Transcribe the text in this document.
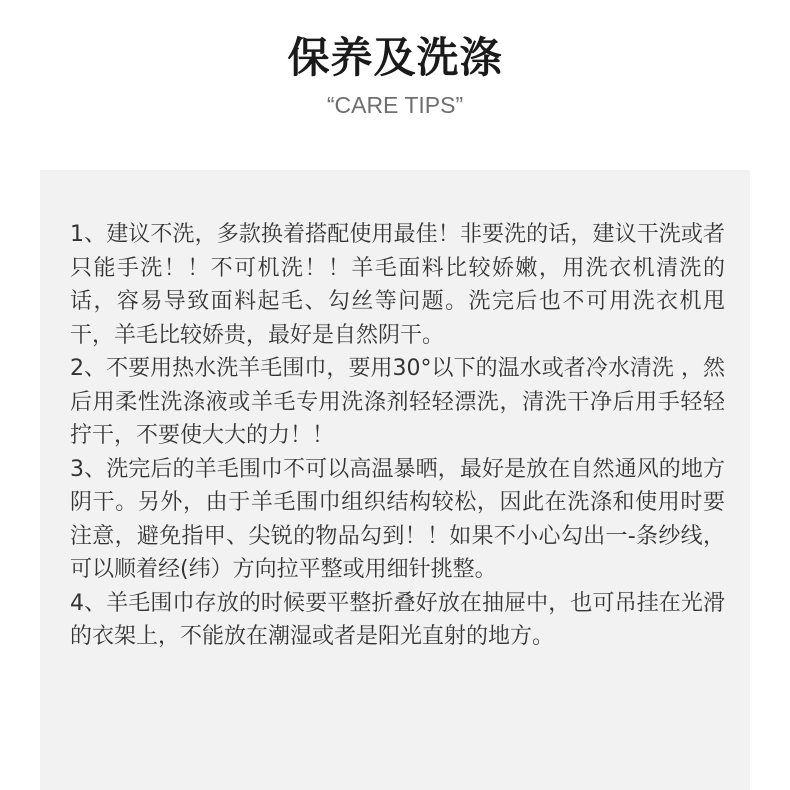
保养及洗涤

“CARE TIPS”

1、建议不洗，多款换着搭配使用最佳！非要洗的话，建议干洗或者只能手洗！！不可机洗！！羊毛面料比较娇嫩，用洗衣机清洗的话，容易导致面料起毛、勾丝等问题。洗完后也不可用洗衣机甩干，羊毛比较娇贵，最好是自然阴干。

2、不要用热水洗羊毛围巾，要用30°以下的温水或者冷水清洗 ，然后用柔性洗涤液或羊毛专用洗涤剂轻轻漂洗，清洗干净后用手轻轻拧干，不要使大大的力！！

3、洗完后的羊毛围巾不可以高温暴晒，最好是放在自然通风的地方阴干。另外，由于羊毛围巾组织结构较松，因此在洗涤和使用时要注意，避免指甲、尖锐的物品勾到！！如果不小心勾出一-条纱线，可以顺着经(纬）方向拉平整或用细针挑整。

4、羊毛围巾存放的时候要平整折叠好放在抽屉中，也可吊挂在光滑的衣架上，不能放在潮湿或者是阳光直射的地方。
